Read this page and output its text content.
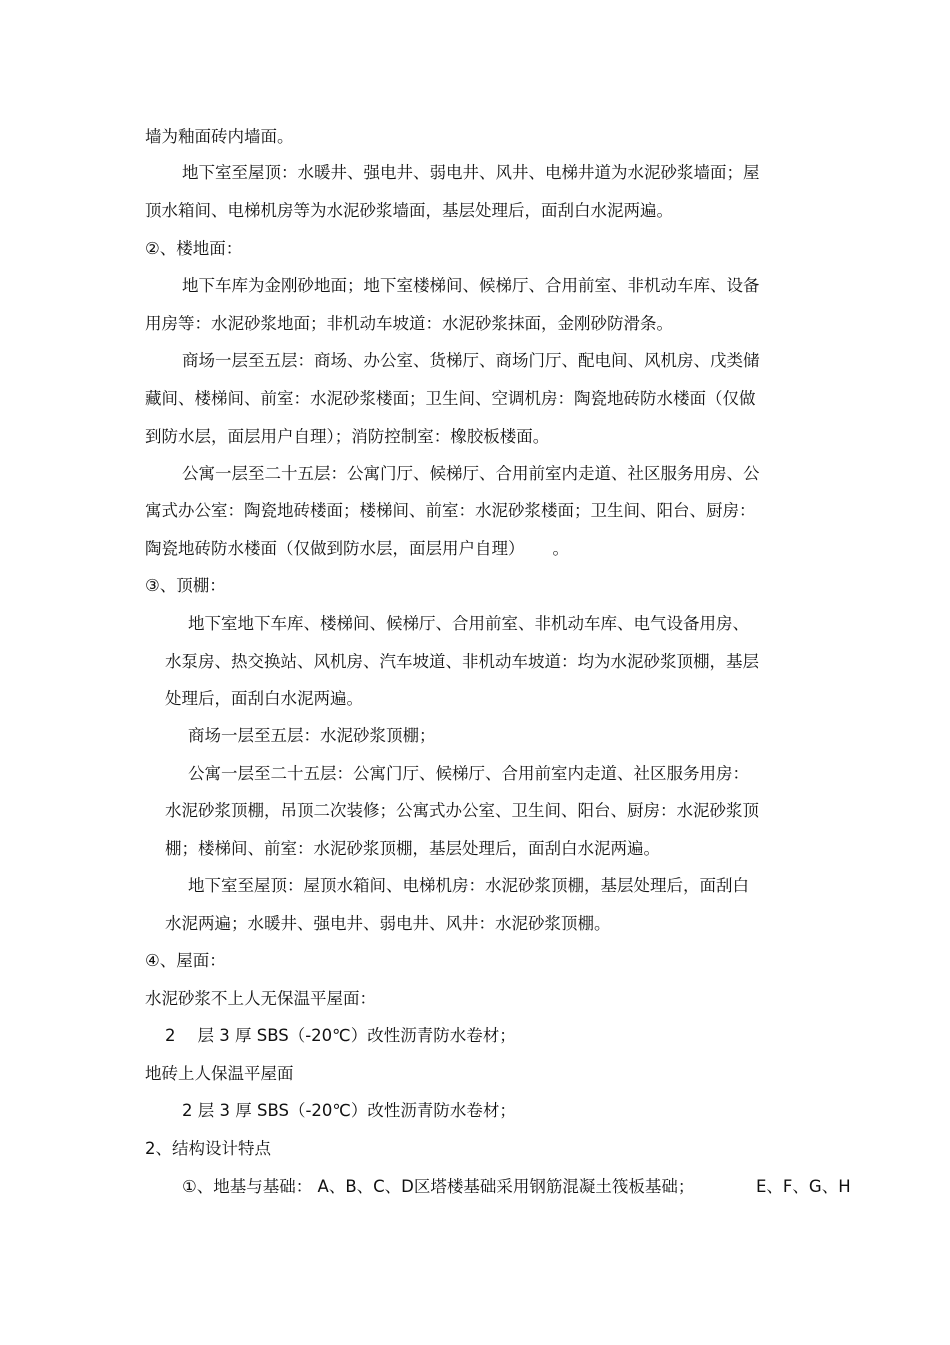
墙为釉面砖内墙面。
地下室至屋顶：水暖井、强电井、弱电井、风井、电梯井道为水泥砂浆墙面；屋
顶水箱间、电梯机房等为水泥砂浆墙面，基层处理后，面刮白水泥两遍。
②、楼地面：
地下车库为金刚砂地面；地下室楼梯间、候梯厅、合用前室、非机动车库、设备
用房等：水泥砂浆地面；非机动车坡道：水泥砂浆抹面，金刚砂防滑条。
商场一层至五层：商场、办公室、货梯厅、商场门厅、配电间、风机房、戊类储
藏间、楼梯间、前室：水泥砂浆楼面；卫生间、空调机房：陶瓷地砖防水楼面（仅做
到防水层，面层用户自理）；消防控制室：橡胶板楼面。
公寓一层至二十五层：公寓门厅、候梯厅、合用前室内走道、社区服务用房、公
寓式办公室：陶瓷地砖楼面；楼梯间、前室：水泥砂浆楼面；卫生间、阳台、厨房：
陶瓷地砖防水楼面（仅做到防水层，面层用户自理） 。
③、顶棚：
地下室地下车库、楼梯间、候梯厅、合用前室、非机动车库、电气设备用房、
水泵房、热交换站、风机房、汽车坡道、非机动车坡道：均为水泥砂浆顶棚，基层
处理后，面刮白水泥两遍。
商场一层至五层：水泥砂浆顶棚；
公寓一层至二十五层：公寓门厅、候梯厅、合用前室内走道、社区服务用房：
水泥砂浆顶棚，吊顶二次装修；公寓式办公室、卫生间、阳台、厨房：水泥砂浆顶
棚；楼梯间、前室：水泥砂浆顶棚，基层处理后，面刮白水泥两遍。
地下室至屋顶：屋顶水箱间、电梯机房：水泥砂浆顶棚，基层处理后，面刮白
水泥两遍；水暖井、强电井、弱电井、风井：水泥砂浆顶棚。
④、屋面：
水泥砂浆不上人无保温平屋面：
2 层 3 厚 SBS（-20℃）改性沥青防水卷材；
地砖上人保温平屋面
2 层 3 厚 SBS（-20℃）改性沥青防水卷材；
2、结构设计特点
①、地基与基础： A、B、C、D区塔楼基础采用钢筋混凝土筏板基础；	E、F、G、H
